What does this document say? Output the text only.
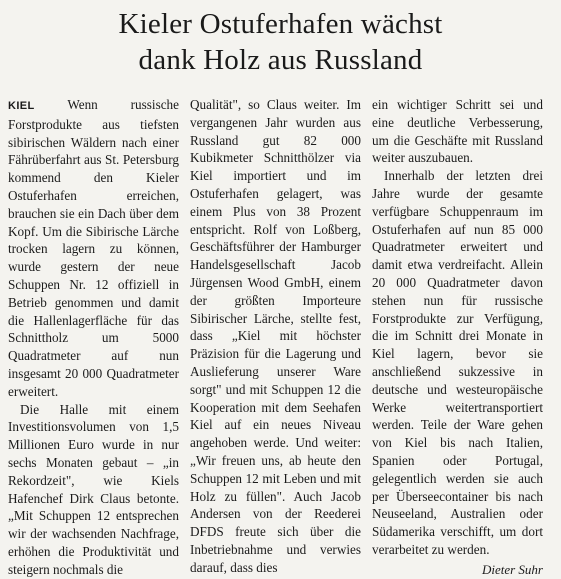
Kieler Ostuferhafen wächst
dank Holz aus Russland

KIEL Wenn russische Forstprodukte aus tiefsten sibirischen Wäldern nach einer Fährüberfahrt aus St. Petersburg kommend den Kieler Ostuferhafen erreichen, brauchen sie ein Dach über dem Kopf. Um die Sibirische Lärche trocken lagern zu können, wurde gestern der neue Schuppen Nr. 12 offiziell in Betrieb genommen und damit die Hallenlagerfläche für das Schnittholz um 5000 Quadratmeter auf nun insgesamt 20 000 Quadratmeter erweitert.

Die Halle mit einem Investitionsvolumen von 1,5 Millionen Euro wurde in nur sechs Monaten gebaut – „in Rekordzeit", wie Kiels Hafenchef Dirk Claus betonte. „Mit Schuppen 12 entsprechen wir der wachsenden Nachfrage, erhöhen die Produktivität und steigern nochmals die

Qualität", so Claus weiter. Im vergangenen Jahr wurden aus Russland gut 82 000 Kubikmeter Schnitthölzer via Kiel importiert und im Ostuferhafen gelagert, was einem Plus von 38 Prozent entspricht. Rolf von Loßberg, Geschäftsführer der Hamburger Handelsgesellschaft Jacob Jürgensen Wood GmbH, einem der größten Importeure Sibirischer Lärche, stellte fest, dass „Kiel mit höchster Präzision für die Lagerung und Auslieferung unserer Ware sorgt" und mit Schuppen 12 die Kooperation mit dem Seehafen Kiel auf ein neues Niveau angehoben werde. Und weiter: „Wir freuen uns, ab heute den Schuppen 12 mit Leben und mit Holz zu füllen". Auch Jacob Andersen von der Reederei DFDS freute sich über die Inbetriebnahme und verwies darauf, dass dies

ein wichtiger Schritt sei und eine deutliche Verbesserung, um die Geschäfte mit Russland weiter auszubauen.

Innerhalb der letzten drei Jahre wurde der gesamte verfügbare Schuppenraum im Ostuferhafen auf nun 85 000 Quadratmeter erweitert und damit etwa verdreifacht. Allein 20 000 Quadratmeter davon stehen nun für russische Forstprodukte zur Verfügung, die im Schnitt drei Monate in Kiel lagern, bevor sie anschließend sukzessive in deutsche und westeuropäische Werke weitertransportiert werden. Teile der Ware gehen von Kiel bis nach Italien, Spanien oder Portugal, gelegentlich werden sie auch per Überseecontainer bis nach Neuseeland, Australien oder Südamerika verschifft, um dort verarbeitet zu werden.

Dieter Suhr
